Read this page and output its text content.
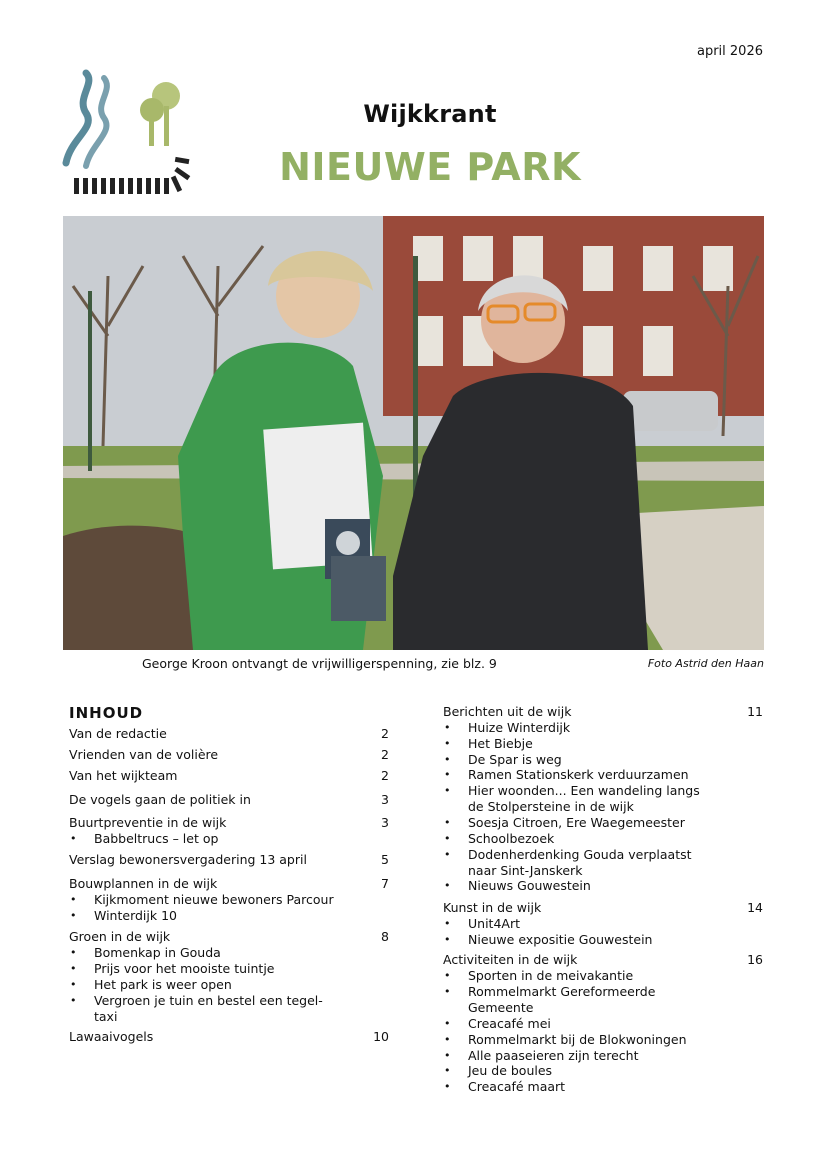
april 2026
Wijkkrant
NIEUWE PARK
George Kroon ontvangt de vrijwilligerspenning, zie blz. 9	Foto Astrid den Haan
INHOUD
Van de redactie	2
Vrienden van de volière	2
Van het wijkteam	2
De vogels gaan de politiek in	3
Buurtpreventie in de wijk	3
• Babbeltrucs – let op
Verslag bewonersvergadering 13 april	5
Bouwplannen in de wijk	7
• Kijkmoment nieuwe bewoners Parcour
• Winterdijk 10
Groen in de wijk	8
• Bomenkap in Gouda
• Prijs voor het mooiste tuintje
• Het park is weer open
• Vergroen je tuin en bestel een tegel-
taxi
Lawaaivogels	10
Berichten uit de wijk	11
• Huize Winterdijk
• Het Biebje
• De Spar is weg
• Ramen Stationskerk verduurzamen
• Hier woonden... Een wandeling langs
de Stolpersteine in de wijk
• Soesja Citroen, Ere Waegemeester
• Schoolbezoek
• Dodenherdenking Gouda verplaatst
naar Sint-Janskerk
• Nieuws Gouwestein
Kunst in de wijk	14
• Unit4Art
• Nieuwe expositie Gouwestein
Activiteiten in de wijk	16
• Sporten in de meivakantie
• Rommelmarkt Gereformeerde
Gemeente
• Creacafé mei
• Rommelmarkt bij de Blokwoningen
• Alle paaseieren zijn terecht
• Jeu de boules
• Creacafé maart
